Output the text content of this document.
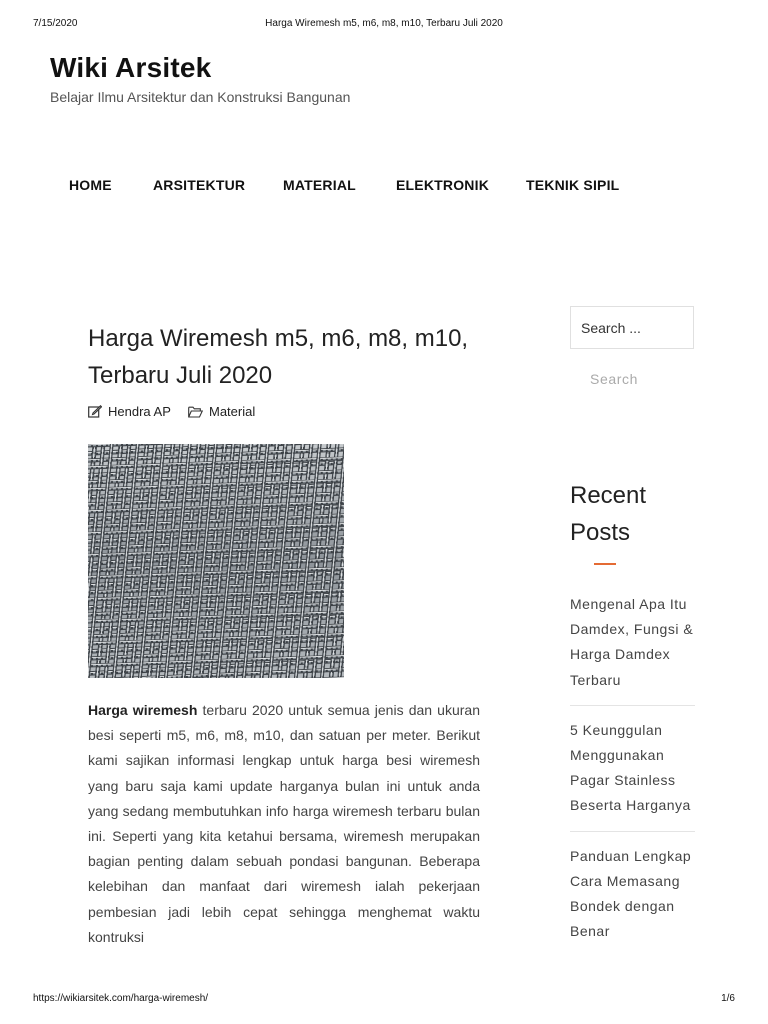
7/15/2020	Harga Wiremesh m5, m6, m8, m10, Terbaru Juli 2020
Wiki Arsitek
Belajar Ilmu Arsitektur dan Konstruksi Bangunan
HOME	ARSITEKTUR	MATERIAL	ELEKTRONIK	TEKNIK SIPIL
Harga Wiremesh m5, m6, m8, m10, Terbaru Juli 2020
Hendra AP	Material

Harga wiremesh terbaru 2020 untuk semua jenis dan ukuran besi seperti m5, m6, m8, m10, dan satuan per meter. Berikut kami sajikan informasi lengkap untuk harga besi wiremesh yang baru saja kami update harganya bulan ini untuk anda yang sedang membutuhkan info harga wiremesh terbaru bulan ini. Seperti yang kita ketahui bersama, wiremesh merupakan bagian penting dalam sebuah pondasi bangunan. Beberapa kelebihan dan manfaat dari wiremesh ialah pekerjaan pembesian jadi lebih cepat sehingga menghemat waktu kontruksi

Search ...
Search
Recent Posts
Mengenal Apa Itu Damdex, Fungsi & Harga Damdex Terbaru
5 Keunggulan Menggunakan Pagar Stainless Beserta Harganya
Panduan Lengkap Cara Memasang Bondek dengan Benar
https://wikiarsitek.com/harga-wiremesh/	1/6
